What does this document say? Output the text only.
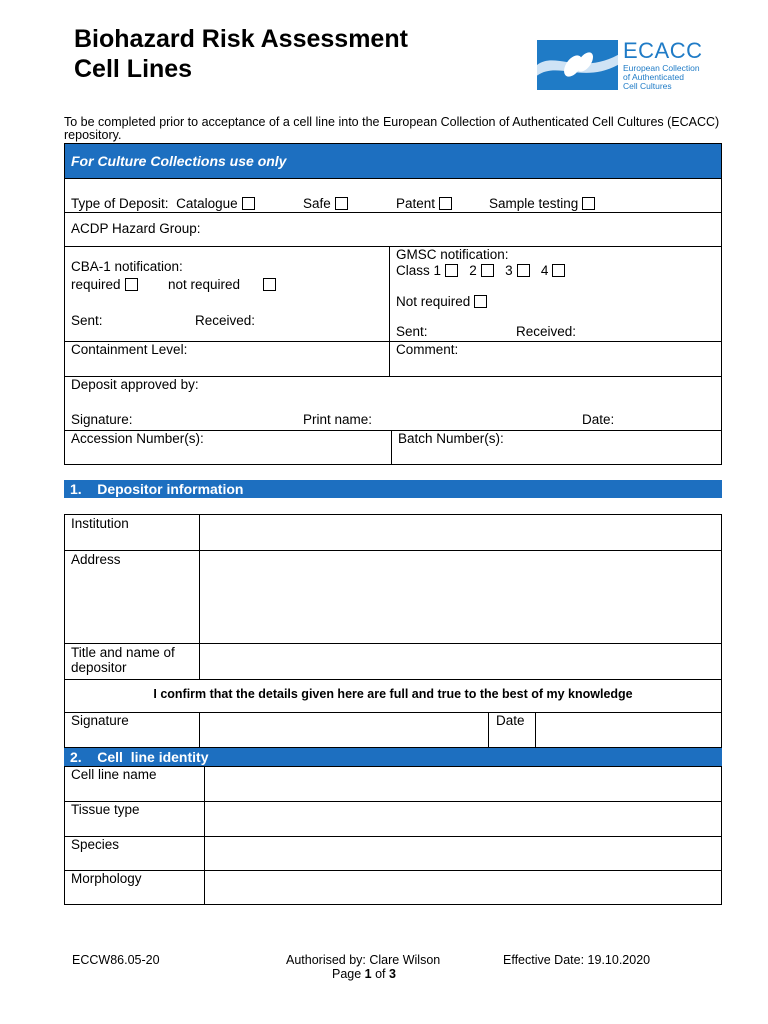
Biohazard Risk Assessment
Cell Lines
ECACC
European Collection
of Authenticated
Cell Cultures
To be completed prior to acceptance of a cell line into the European Collection of Authenticated Cell Cultures (ECACC) repository.
For Culture Collections use only
Type of Deposit: Catalogue	Safe	Patent	Sample testing
ACDP Hazard Group:
CBA-1 notification:
required	not required
Sent:	Received:
GMSC notification:
Class 1 2 3 4
Not required
Sent:	Received:
Containment Level:	Comment:
Deposit approved by:
Signature:	Print name:	Date:
Accession Number(s):	Batch Number(s):
1.    Depositor information
Institution
Address
Title and name of
depositor
I confirm that the details given here are full and true to the best of my knowledge
Signature	Date
2.    Cell  line identity
Cell line name
Tissue type
Species
Morphology
ECCW86.05-20	Authorised by: Clare Wilson	Effective Date: 19.10.2020
Page 1 of 3
